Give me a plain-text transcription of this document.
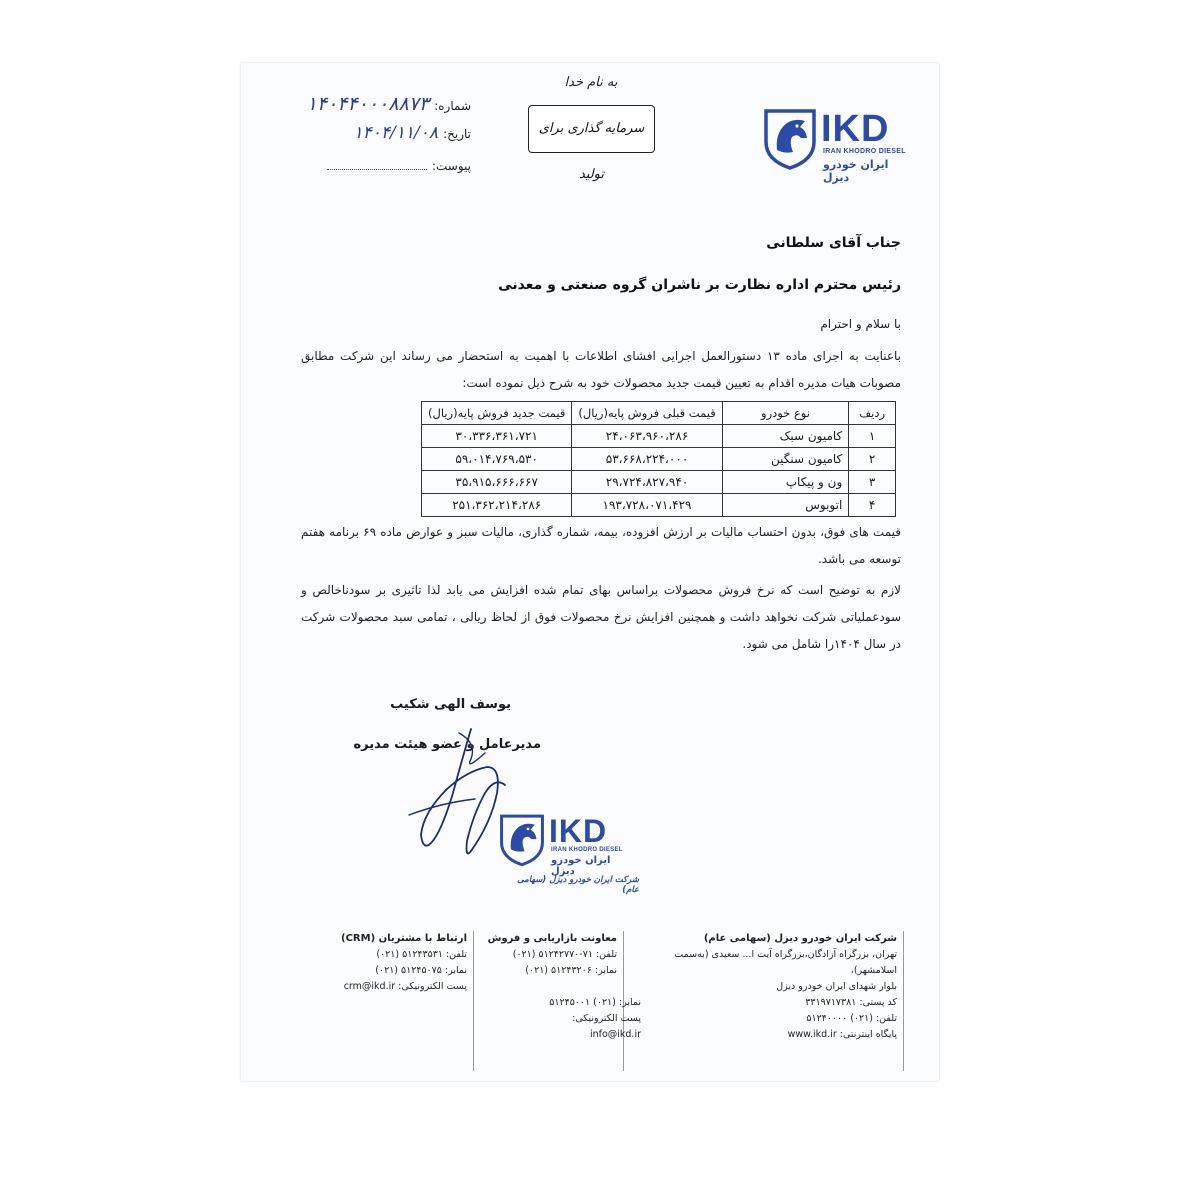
شماره: ۱۴۰۴۴۰۰۰۸۸۷۳
تاریخ: ۱۴۰۴/۱۱/۰۸
پیوست:
به نام خدا
سرمایه گذاری برای تولید
IKD
IRAN KHODRO DIESEL
ایران خودرو دیزل
جناب آقای سلطانی
رئیس محترم اداره نظارت بر ناشران گروه صنعتی و معدنی
با سلام و احترام
باعنایت به اجرای ماده ۱۳ دستورالعمل اجرایی افشای اطلاعات با اهمیت به استحضار می رساند این شرکت مطابق مصوبات هیات مدیره اقدام به تعیین قیمت جدید محصولات خود به شرح ذیل نموده است:
ردیف	نوع خودرو	قیمت قبلی فروش پایه(ریال)	قیمت جدید فروش پایه(ریال)
۱	کامیون سبک	۲۴،۰۶۳،۹۶۰،۲۸۶	۳۰،۳۳۶،۳۶۱،۷۲۱
۲	کامیون سنگین	۵۳،۶۶۸،۲۲۴،۰۰۰	۵۹،۰۱۴،۷۶۹،۵۳۰
۳	ون و پیکاپ	۲۹،۷۲۴،۸۲۷،۹۴۰	۳۵،۹۱۵،۶۶۶،۶۶۷
۴	اتوبوس	۱۹۳،۷۲۸،۰۷۱،۴۲۹	۲۵۱،۳۶۲،۲۱۴،۲۸۶
قیمت های فوق، بدون احتساب مالیات بر ارزش افزوده، بیمه، شماره گذاری، مالیات سبز و عوارض ماده ۶۹ برنامه هفتم توسعه می باشد.
لازم به توضیح است که نرخ فروش محصولات براساس بهای تمام شده افزایش می یابد لذا تاثیری بر سودناخالص و سودعملیاتی شرکت نخواهد داشت و همچنین افزایش نرخ محصولات فوق از لحاظ ریالی ، تمامی سبد محصولات شرکت در سال ۱۴۰۴را شامل می شود.
یوسف الهی شکیب
مدیرعامل و عضو هیئت مدیره
IKD
IRAN KHODRO DIESEL
ایران خودرو دیزل
شرکت ایران خودرو دیزل (سهامی عام)
شرکت ایران خودرو دیزل (سهامی عام)
تهران، بزرگراه آزادگان،بزرگراه آیت ا... سعیدی (به‌سمت اسلامشهر)،
بلوار شهدای ایران خودرو دیزل
کد پستی: ۳۳۱۹۷۱۷۳۸۱
تلفن: (۰۲۱) ۵۱۲۴۰۰۰۰
پایگاه اینترنتی: www.ikd.ir
نمابر: (۰۲۱) ۵۱۲۴۵۰۰۱
پست الکترونیکی: info@ikd.ir
معاونت بازاریابی و فروش
تلفن: ۷۱-۵۱۲۴۲۷۷۰ (۰۲۱)
نمابر: ۵۱۲۴۳۲۰۶ (۰۲۱)
ارتباط با مشتریان (CRM)
تلفن: ۵۱۲۴۳۵۳۱ (۰۲۱)
نمابر: ۵۱۲۴۵۰۷۵ (۰۲۱)
پست الکترونیکی: crm@ikd.ir
